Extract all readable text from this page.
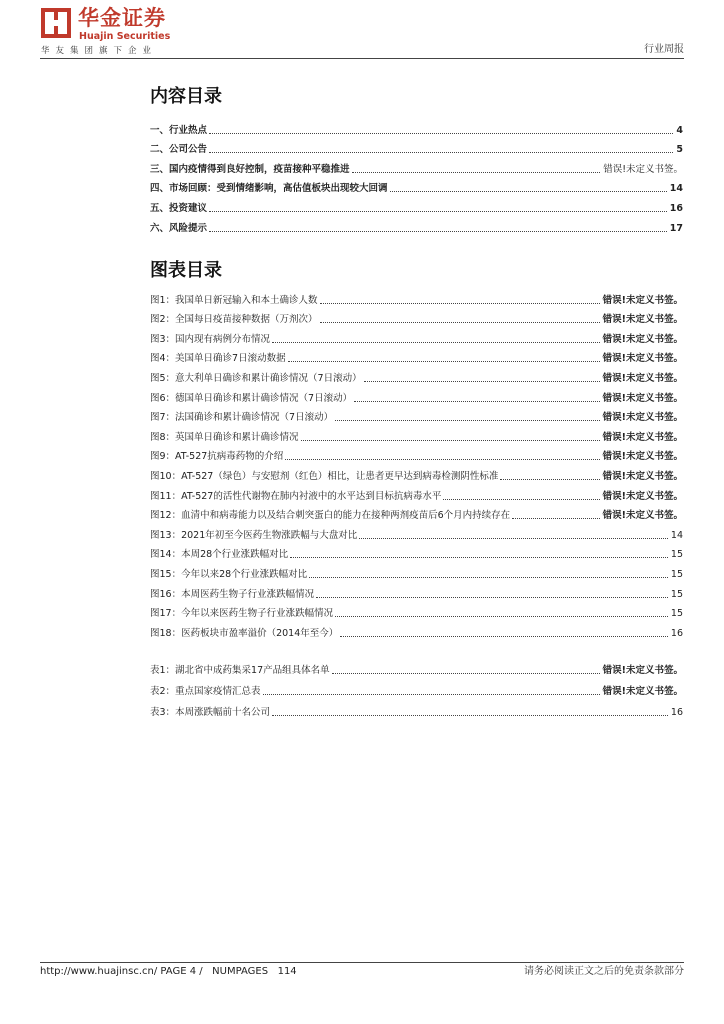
华金证券
Huajin Securities
华友集团旗下企业	行业周报
内容目录
一、行业热点	4
二、公司公告	5
三、国内疫情得到良好控制，疫苗接种平稳推进	错误!未定义书签。
四、市场回顾：受到情绪影响，高估值板块出现较大回调	14
五、投资建议	16
六、风险提示	17
图表目录
图1：我国单日新冠输入和本土确诊人数	错误!未定义书签。
图2：全国每日疫苗接种数据（万剂次）	错误!未定义书签。
图3：国内现有病例分布情况	错误!未定义书签。
图4：美国单日确诊7日滚动数据	错误!未定义书签。
图5：意大利单日确诊和累计确诊情况（7日滚动）	错误!未定义书签。
图6：德国单日确诊和累计确诊情况（7日滚动）	错误!未定义书签。
图7：法国确诊和累计确诊情况（7日滚动）	错误!未定义书签。
图8：英国单日确诊和累计确诊情况	错误!未定义书签。
图9：AT-527抗病毒药物的介绍	错误!未定义书签。
图10：AT-527（绿色）与安慰剂（红色）相比，让患者更早达到病毒检测阴性标准	错误!未定义书签。
图11：AT-527的活性代谢物在肺内衬液中的水平达到目标抗病毒水平	错误!未定义书签。
图12：血清中和病毒能力以及结合刺突蛋白的能力在接种两剂疫苗后6个月内持续存在	错误!未定义书签。
图13：2021年初至今医药生物涨跌幅与大盘对比	14
图14：本周28个行业涨跌幅对比	15
图15：今年以来28个行业涨跌幅对比	15
图16：本周医药生物子行业涨跌幅情况	15
图17：今年以来医药生物子行业涨跌幅情况	15
图18：医药板块市盈率溢价（2014年至今）	16
表1：湖北省中成药集采17产品组具体名单	错误!未定义书签。
表2：重点国家疫情汇总表	错误!未定义书签。
表3：本周涨跌幅前十名公司	16
http://www.huajinsc.cn/ PAGE 4 /   NUMPAGES   114	请务必阅读正文之后的免责条款部分
